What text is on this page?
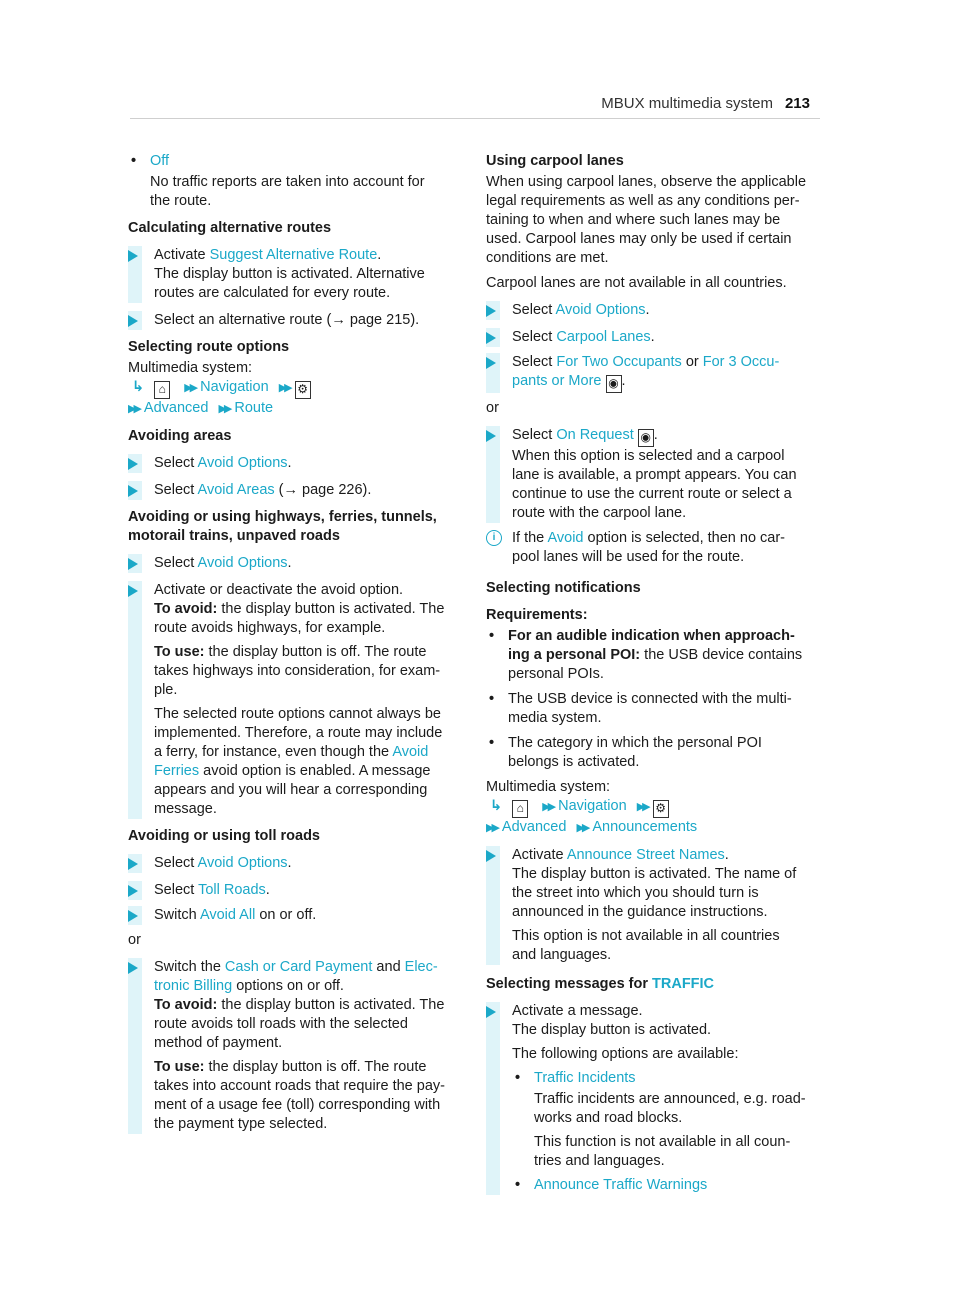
MBUX multimedia system 213
• Off

No traffic reports are taken into account for
the route.

Calculating alternative routes

Activate Suggest Alternative Route.
The display button is activated. Alternative
routes are calculated for every route.

Select an alternative route (→ page 215).

Selecting route options

Multimedia system:

↳ ⌂ ▶▶ Navigation ▶▶ ⚙
▶▶ Advanced ▶▶ Route

Avoiding areas

Select Avoid Options.

Select Avoid Areas (→ page 226).

Avoiding or using highways, ferries, tunnels,
motorail trains, unpaved roads

Select Avoid Options.

Activate or deactivate the avoid option.
To avoid: the display button is activated. The
route avoids highways, for example.

To use: the display button is off. The route
takes highways into consideration, for exam-
ple.

The selected route options cannot always be
implemented. Therefore, a route may include
a ferry, for instance, even though the Avoid
Ferries avoid option is enabled. A message
appears and you will hear a corresponding
message.

Avoiding or using toll roads

Select Avoid Options.

Select Toll Roads.

Switch Avoid All on or off.

or

Switch the Cash or Card Payment and Elec-
tronic Billing options on or off.
To avoid: the display button is activated. The
route avoids toll roads with the selected
method of payment.

To use: the display button is off. The route
takes into account roads that require the pay-
ment of a usage fee (toll) corresponding with
the payment type selected.

Using carpool lanes

When using carpool lanes, observe the applicable
legal requirements as well as any conditions per-
taining to when and where such lanes may be
used. Carpool lanes may only be used if certain
conditions are met.

Carpool lanes are not available in all countries.

Select Avoid Options.

Select Carpool Lanes.

Select For Two Occupants or For 3 Occu-
pants or More ◉ .

or

Select On Request ◉ .
When this option is selected and a carpool
lane is available, a prompt appears. You can
continue to use the current route or select a
route with the carpool lane.

i	If the Avoid option is selected, then no car-
pool lanes will be used for the route.

Selecting notifications

Requirements:

• For an audible indication when approach-
ing a personal POI: the USB device contains
personal POIs.
• The USB device is connected with the multi-
media system.
• The category in which the personal POI
belongs is activated.

Multimedia system:

↳ ⌂ ▶▶ Navigation ▶▶ ⚙
▶▶ Advanced ▶▶ Announcements

Activate Announce Street Names.
The display button is activated. The name of
the street into which you should turn is
announced in the guidance instructions.

This option is not available in all countries
and languages.

Selecting messages for TRAFFIC

Activate a message.
The display button is activated.

The following options are available:

• Traffic Incidents

Traffic incidents are announced, e.g. road-
works and road blocks.

This function is not available in all coun-
tries and languages.

• Announce Traffic Warnings
